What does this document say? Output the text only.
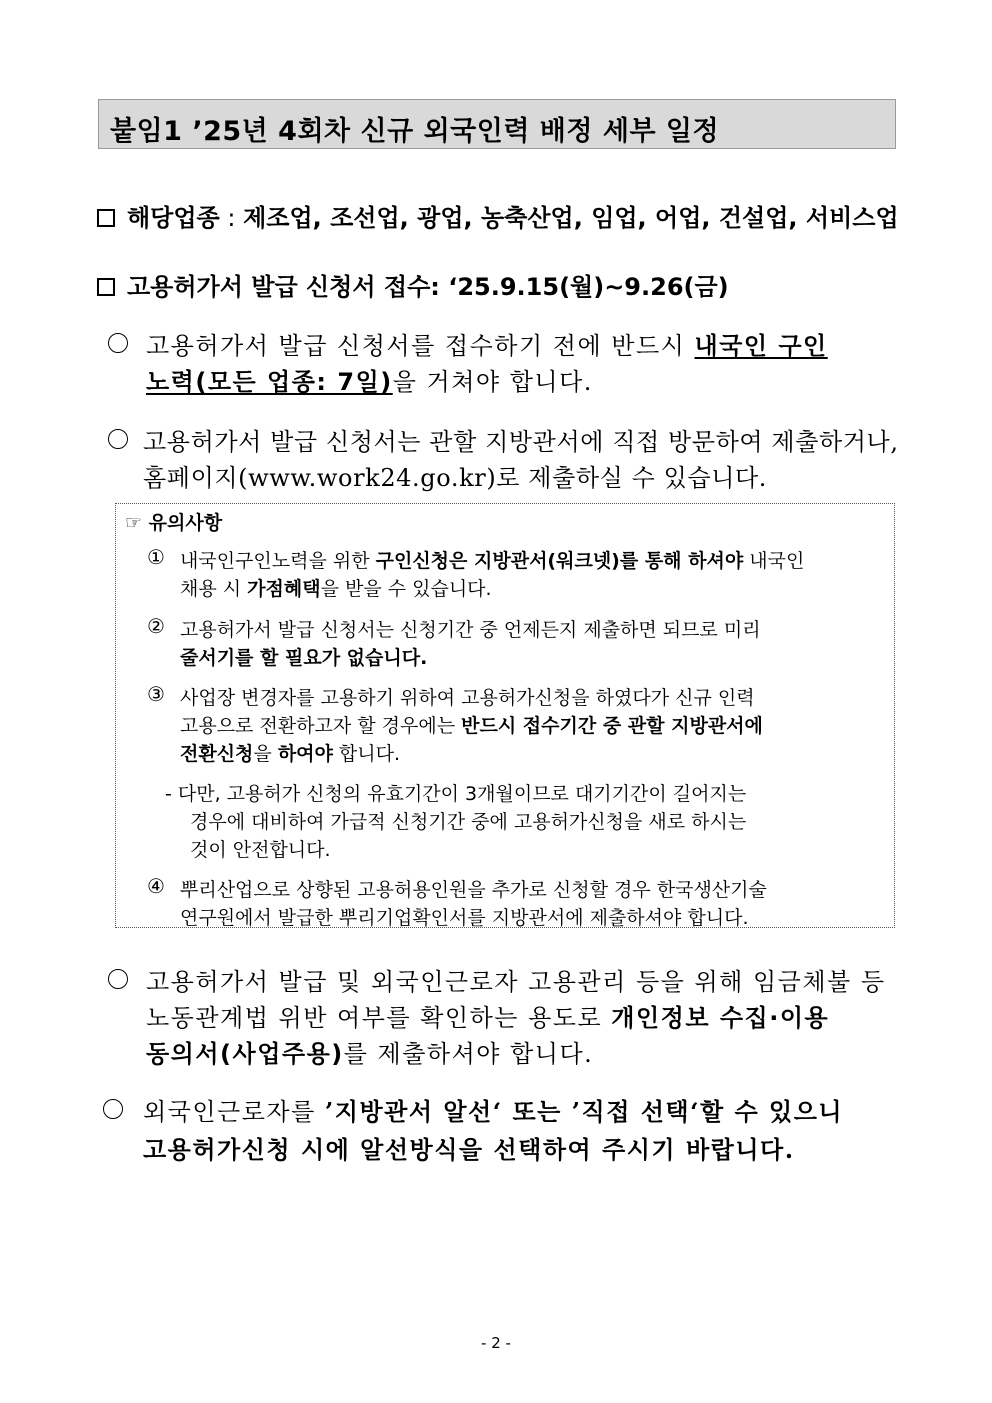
붙임1 ’25년 4회차 신규 외국인력 배정 세부 일정
해당업종 : 제조업, 조선업, 광업, 농축산업, 임업, 어업, 건설업, 서비스업
고용허가서 발급 신청서 접수: ‘25.9.15(월)~9.26(금)
고용허가서 발급 신청서를 접수하기 전에 반드시 내국인 구인
노력(모든 업종: 7일)을 거쳐야 합니다.
고용허가서 발급 신청서는 관할 지방관서에 직접 방문하여 제출하거나,
홈페이지(www.work24.go.kr)로 제출하실 수 있습니다.
☞ 유의사항
① 내국인구인노력을 위한 구인신청은 지방관서(워크넷)를 통해 하셔야 내국인
채용 시 가점혜택을 받을 수 있습니다.
② 고용허가서 발급 신청서는 신청기간 중 언제든지 제출하면 되므로 미리
줄서기를 할 필요가 없습니다.
③ 사업장 변경자를 고용하기 위하여 고용허가신청을 하였다가 신규 인력
고용으로 전환하고자 할 경우에는 반드시 접수기간 중 관할 지방관서에
전환신청을 하여야 합니다.
- 다만, 고용허가 신청의 유효기간이 3개월이므로 대기기간이 길어지는
경우에 대비하여 가급적 신청기간 중에 고용허가신청을 새로 하시는
것이 안전합니다.
④ 뿌리산업으로 상향된 고용허용인원을 추가로 신청할 경우 한국생산기술
연구원에서 발급한 뿌리기업확인서를 지방관서에 제출하셔야 합니다.
고용허가서 발급 및 외국인근로자 고용관리 등을 위해 임금체불 등
노동관계법 위반 여부를 확인하는 용도로 개인정보 수집·이용
동의서(사업주용)를 제출하셔야 합니다.
외국인근로자를 ’지방관서 알선‘ 또는 ’직접 선택‘할 수 있으니
고용허가신청 시에 알선방식을 선택하여 주시기 바랍니다.
- 2 -
